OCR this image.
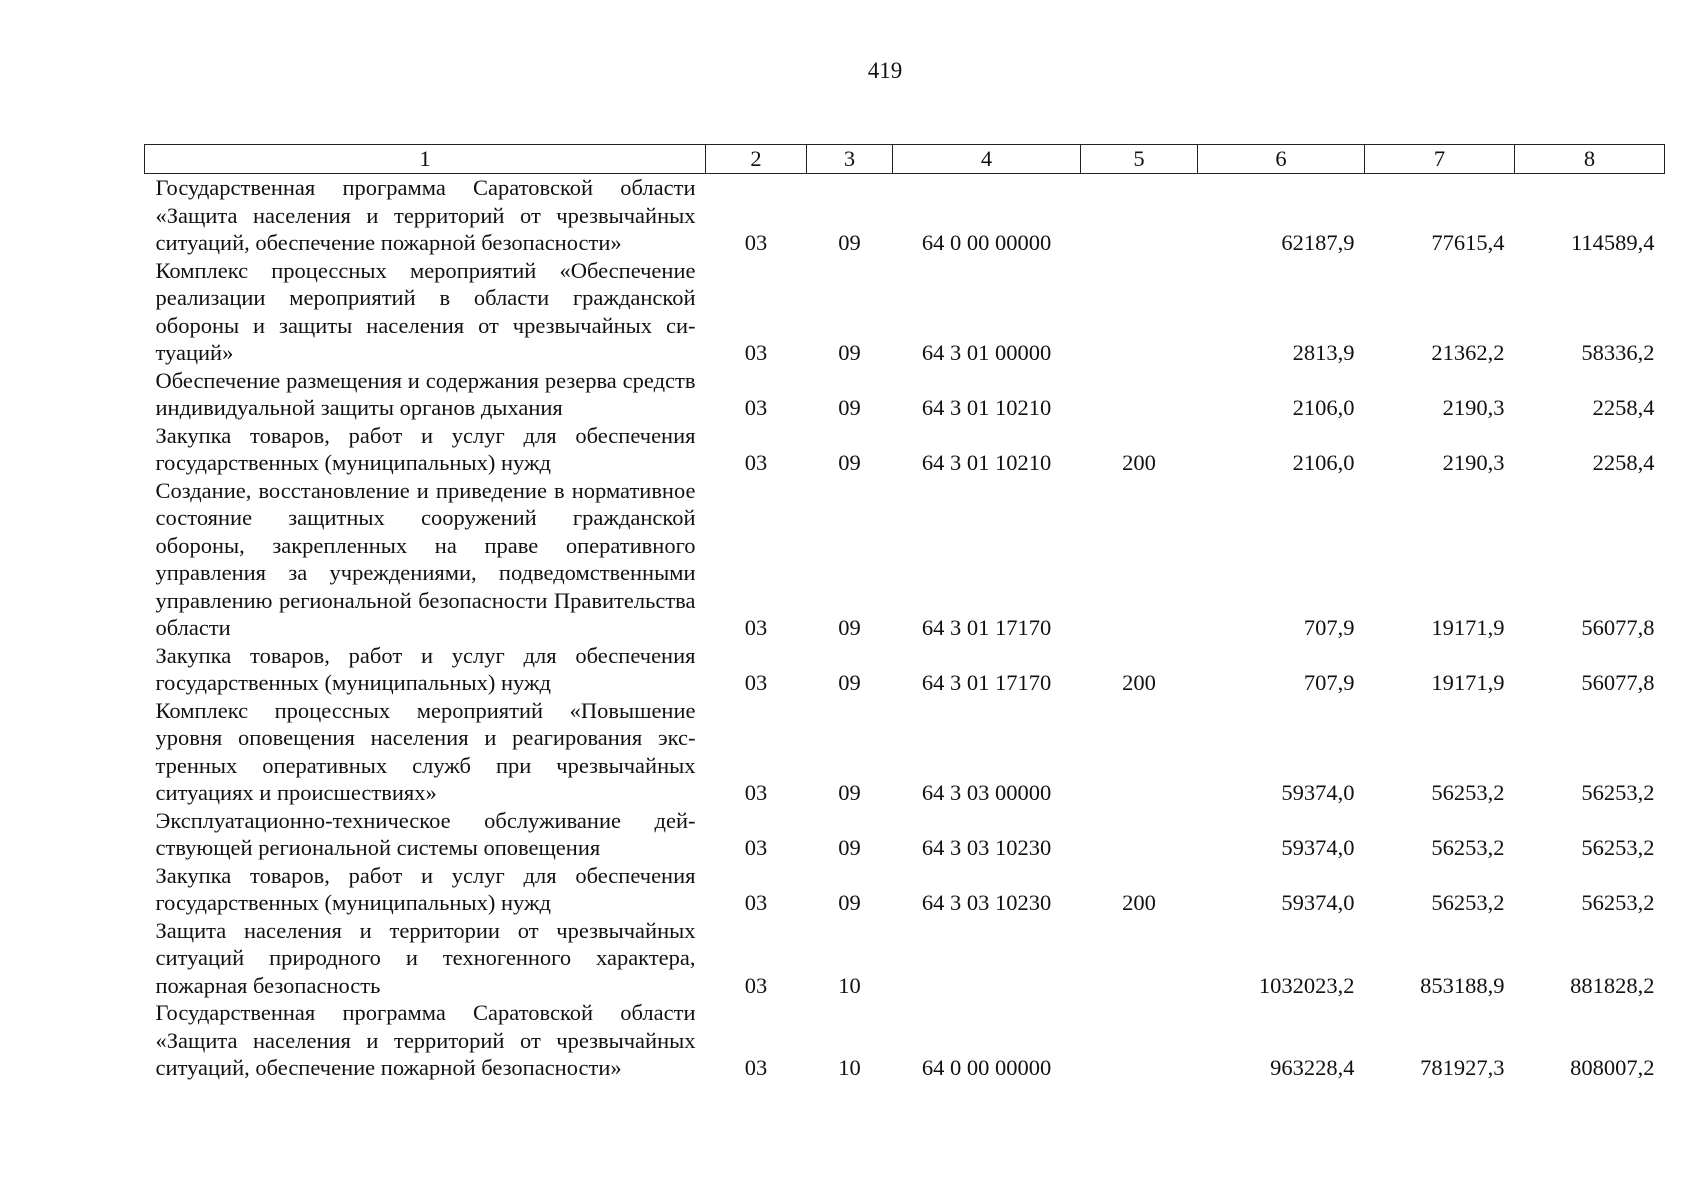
419
1	2	3	4	5	6	7	8
Государственная программа Саратовской области «Защита населения и территорий от чрезвычайных ситуаций, обеспечение пожарной безопасности»	03	09	64 0 00 00000		62187,9	77615,4	114589,4
Комплекс процессных мероприятий «Обеспечение реализации мероприятий в области гражданской обороны и защиты населения от чрезвычайных ситуаций»	03	09	64 3 01 00000		2813,9	21362,2	58336,2
Обеспечение размещения и содержания резерва средств индивидуальной защиты органов дыхания	03	09	64 3 01 10210		2106,0	2190,3	2258,4
Закупка товаров, работ и услуг для обеспечения государственных (муниципальных) нужд	03	09	64 3 01 10210	200	2106,0	2190,3	2258,4
Создание, восстановление и приведение в нормативное состояние защитных сооружений гражданской обороны, закрепленных на праве оперативного управления за учреждениями, подведомственными управлению региональной безопасности Правительства области	03	09	64 3 01 17170		707,9	19171,9	56077,8
Закупка товаров, работ и услуг для обеспечения государственных (муниципальных) нужд	03	09	64 3 01 17170	200	707,9	19171,9	56077,8
Комплекс процессных мероприятий «Повышение уровня оповещения населения и реагирования экстренных оперативных служб при чрезвычайных ситуациях и происшествиях»	03	09	64 3 03 00000		59374,0	56253,2	56253,2
Эксплуатационно-техническое обслуживание действующей региональной системы оповещения	03	09	64 3 03 10230		59374,0	56253,2	56253,2
Закупка товаров, работ и услуг для обеспечения государственных (муниципальных) нужд	03	09	64 3 03 10230	200	59374,0	56253,2	56253,2
Защита населения и территории от чрезвычайных ситуаций природного и техногенного характера, пожарная безопасность	03	10			1032023,2	853188,9	881828,2
Государственная программа Саратовской области «Защита населения и территорий от чрезвычайных ситуаций, обеспечение пожарной безопасности»	03	10	64 0 00 00000		963228,4	781927,3	808007,2
